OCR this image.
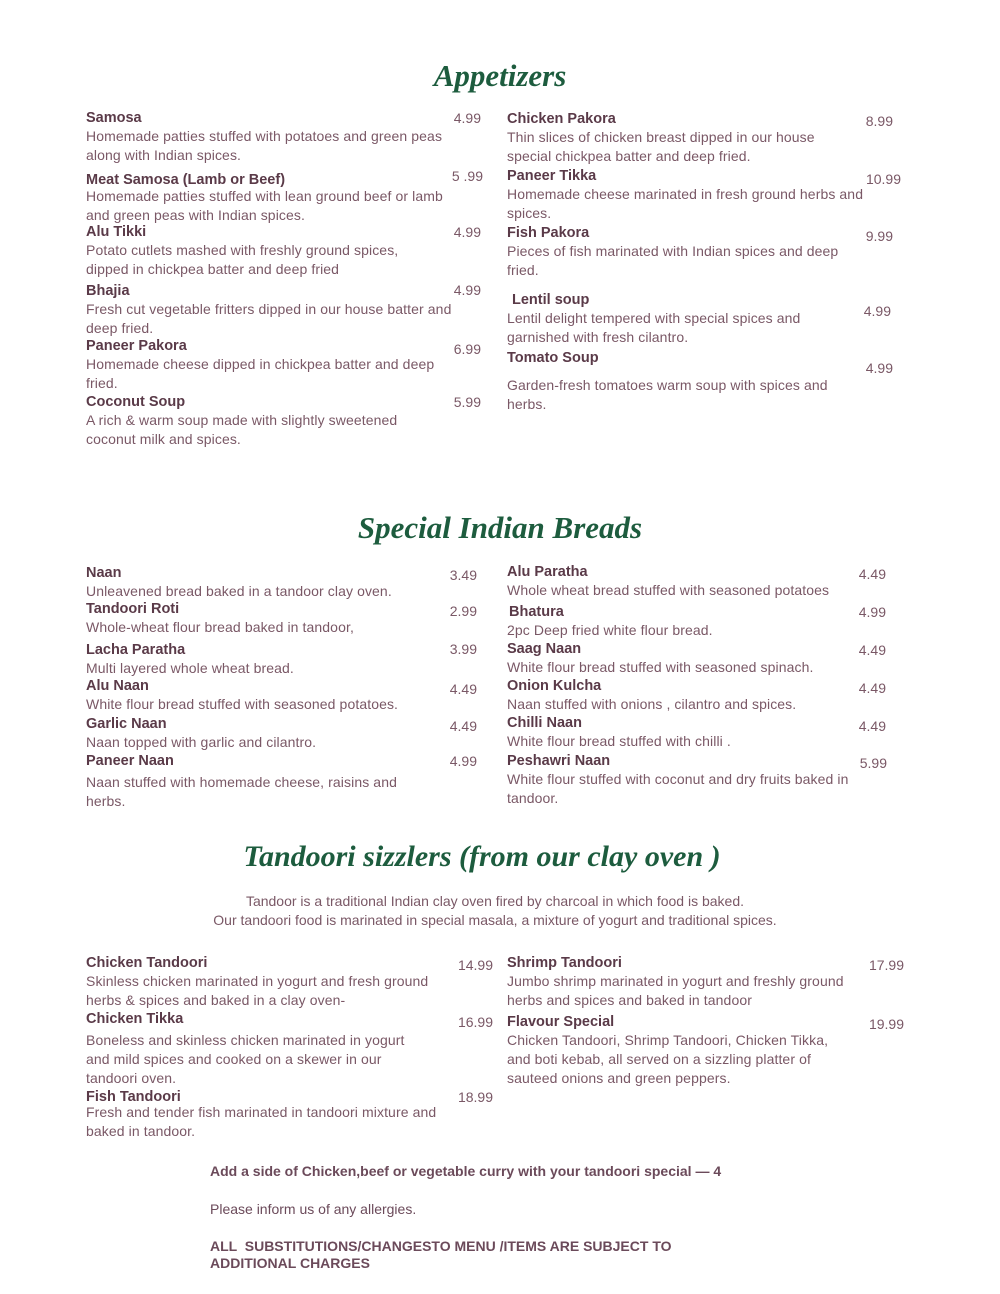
Appetizers
Samosa
Homemade patties stuffed with potatoes and green peas along with Indian spices.
4.99
Meat Samosa (Lamb or Beef)
Homemade patties stuffed with lean ground beef or lamb and green peas with Indian spices.
5 .99
Alu Tikki
Potato cutlets mashed with freshly ground spices, dipped in chickpea batter and deep fried
4.99
Bhajia
Fresh cut vegetable fritters dipped in our house batter and deep fried.
4.99
Paneer Pakora
Homemade cheese dipped in chickpea batter and deep fried.
6.99
Coconut Soup
A rich & warm soup made with slightly sweetened coconut milk and spices.
5.99
Chicken Pakora
Thin slices of chicken breast dipped in our house special chickpea batter and deep fried.
8.99
Paneer Tikka
Homemade cheese marinated in fresh ground herbs and spices.
10.99
Fish Pakora
Pieces of fish marinated with Indian spices and deep fried.
9.99
Lentil soup
Lentil delight tempered with special spices and garnished with fresh cilantro.
4.99
Tomato Soup
Garden-fresh tomatoes warm soup with spices and herbs.
4.99
Special Indian Breads
Naan
Unleavened bread baked in a tandoor clay oven.
3.49
Tandoori Roti
Whole-wheat flour bread baked in tandoor,
2.99
Lacha Paratha
Multi layered whole wheat bread.
3.99
Alu Naan
White flour bread stuffed with seasoned potatoes.
4.49
Garlic Naan
Naan topped with garlic and cilantro.
4.49
Paneer Naan
Naan stuffed with homemade cheese, raisins and herbs.
4.99
Alu Paratha
Whole wheat bread stuffed with seasoned potatoes
4.49
Bhatura
2pc Deep fried white flour bread.
4.99
Saag Naan
White flour bread stuffed with seasoned spinach.
4.49
Onion Kulcha
Naan stuffed with onions , cilantro and spices.
4.49
Chilli Naan
White flour bread stuffed with chilli .
4.49
Peshawri Naan
White flour stuffed with coconut and dry fruits baked in tandoor.
5.99
Tandoori sizzlers (from our clay oven )
Tandoor is a traditional Indian clay oven fired by charcoal in which food is baked.
Our tandoori food is marinated in special masala, a mixture of yogurt and traditional spices.
Chicken Tandoori
Skinless chicken marinated in yogurt and fresh ground herbs & spices and baked in a clay oven-
14.99
Chicken Tikka
Boneless and skinless chicken marinated in yogurt and mild spices and cooked on a skewer in our tandoori oven.
16.99
Fish Tandoori
Fresh and tender fish marinated in tandoori mixture and baked in tandoor.
18.99
Shrimp Tandoori
Jumbo shrimp marinated in yogurt and freshly ground herbs and spices and baked in tandoor
17.99
Flavour Special
Chicken Tandoori, Shrimp Tandoori, Chicken Tikka, and boti kebab, all served on a sizzling platter of sauteed onions and green peppers.
19.99
Add a side of Chicken,beef or vegetable curry with your tandoori special — 4
Please inform us of any allergies.
ALL  SUBSTITUTIONS/CHANGESTO MENU /ITEMS ARE SUBJECT TO
ADDITIONAL CHARGES
